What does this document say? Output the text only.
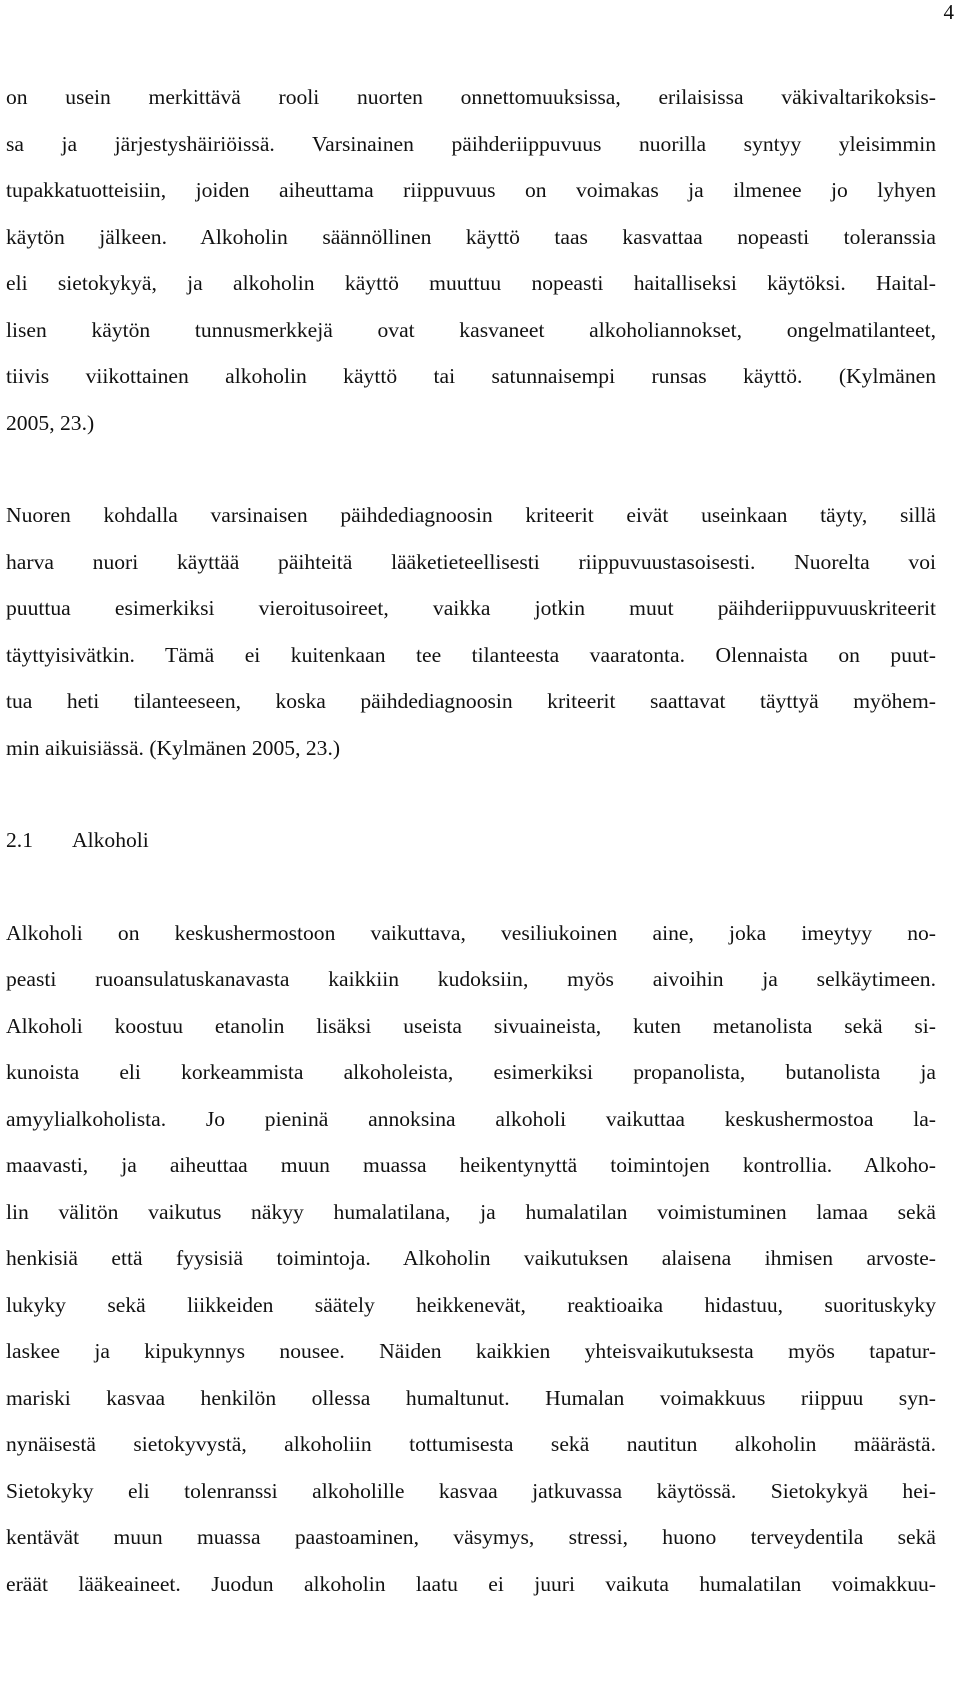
4
on usein merkittävä rooli nuorten onnettomuuksissa, erilaisissa väkivaltarikoksis-
sa ja järjestyshäiriöissä. Varsinainen päihderiippuvuus nuorilla syntyy yleisimmin
tupakkatuotteisiin, joiden aiheuttama riippuvuus on voimakas ja ilmenee jo lyhyen
käytön jälkeen. Alkoholin säännöllinen käyttö taas kasvattaa nopeasti toleranssia
eli sietokykyä, ja alkoholin käyttö muuttuu nopeasti haitalliseksi käytöksi. Haital-
lisen käytön tunnusmerkkejä ovat kasvaneet alkoholiannokset, ongelmatilanteet,
tiivis viikottainen alkoholin käyttö tai satunnaisempi runsas käyttö. (Kylmänen
2005, 23.)
Nuoren kohdalla varsinaisen päihdediagnoosin kriteerit eivät useinkaan täyty, sillä
harva nuori käyttää päihteitä lääketieteellisesti riippuvuustasoisesti. Nuorelta voi
puuttua esimerkiksi vieroitusoireet, vaikka jotkin muut päihderiippuvuuskriteerit
täyttyisivätkin. Tämä ei kuitenkaan tee tilanteesta vaaratonta. Olennaista on puut-
tua heti tilanteeseen, koska päihdediagnoosin kriteerit saattavat täyttyä myöhem-
min aikuisiässä. (Kylmänen 2005, 23.)
2.1 Alkoholi
Alkoholi on keskushermostoon vaikuttava, vesiliukoinen aine, joka imeytyy no-
peasti ruoansulatuskanavasta kaikkiin kudoksiin, myös aivoihin ja selkäytimeen.
Alkoholi koostuu etanolin lisäksi useista sivuaineista, kuten metanolista sekä si-
kunoista eli korkeammista alkoholeista, esimerkiksi propanolista, butanolista ja
amyylialkoholista. Jo pieninä annoksina alkoholi vaikuttaa keskushermostoa la-
maavasti, ja aiheuttaa muun muassa heikentynyttä toimintojen kontrollia. Alkoho-
lin välitön vaikutus näkyy humalatilana, ja humalatilan voimistuminen lamaa sekä
henkisiä että fyysisiä toimintoja. Alkoholin vaikutuksen alaisena ihmisen arvoste-
lukyky sekä liikkeiden säätely heikkenevät, reaktioaika hidastuu, suorituskyky
laskee ja kipukynnys nousee. Näiden kaikkien yhteisvaikutuksesta myös tapatur-
mariski kasvaa henkilön ollessa humaltunut. Humalan voimakkuus riippuu syn-
nynäisestä sietokyvystä, alkoholiin tottumisesta sekä nautitun alkoholin määrästä.
Sietokyky eli tolenranssi alkoholille kasvaa jatkuvassa käytössä. Sietokykyä hei-
kentävät muun muassa paastoaminen, väsymys, stressi, huono terveydentila sekä
eräät lääkeaineet. Juodun alkoholin laatu ei juuri vaikuta humalatilan voimakkuu-
